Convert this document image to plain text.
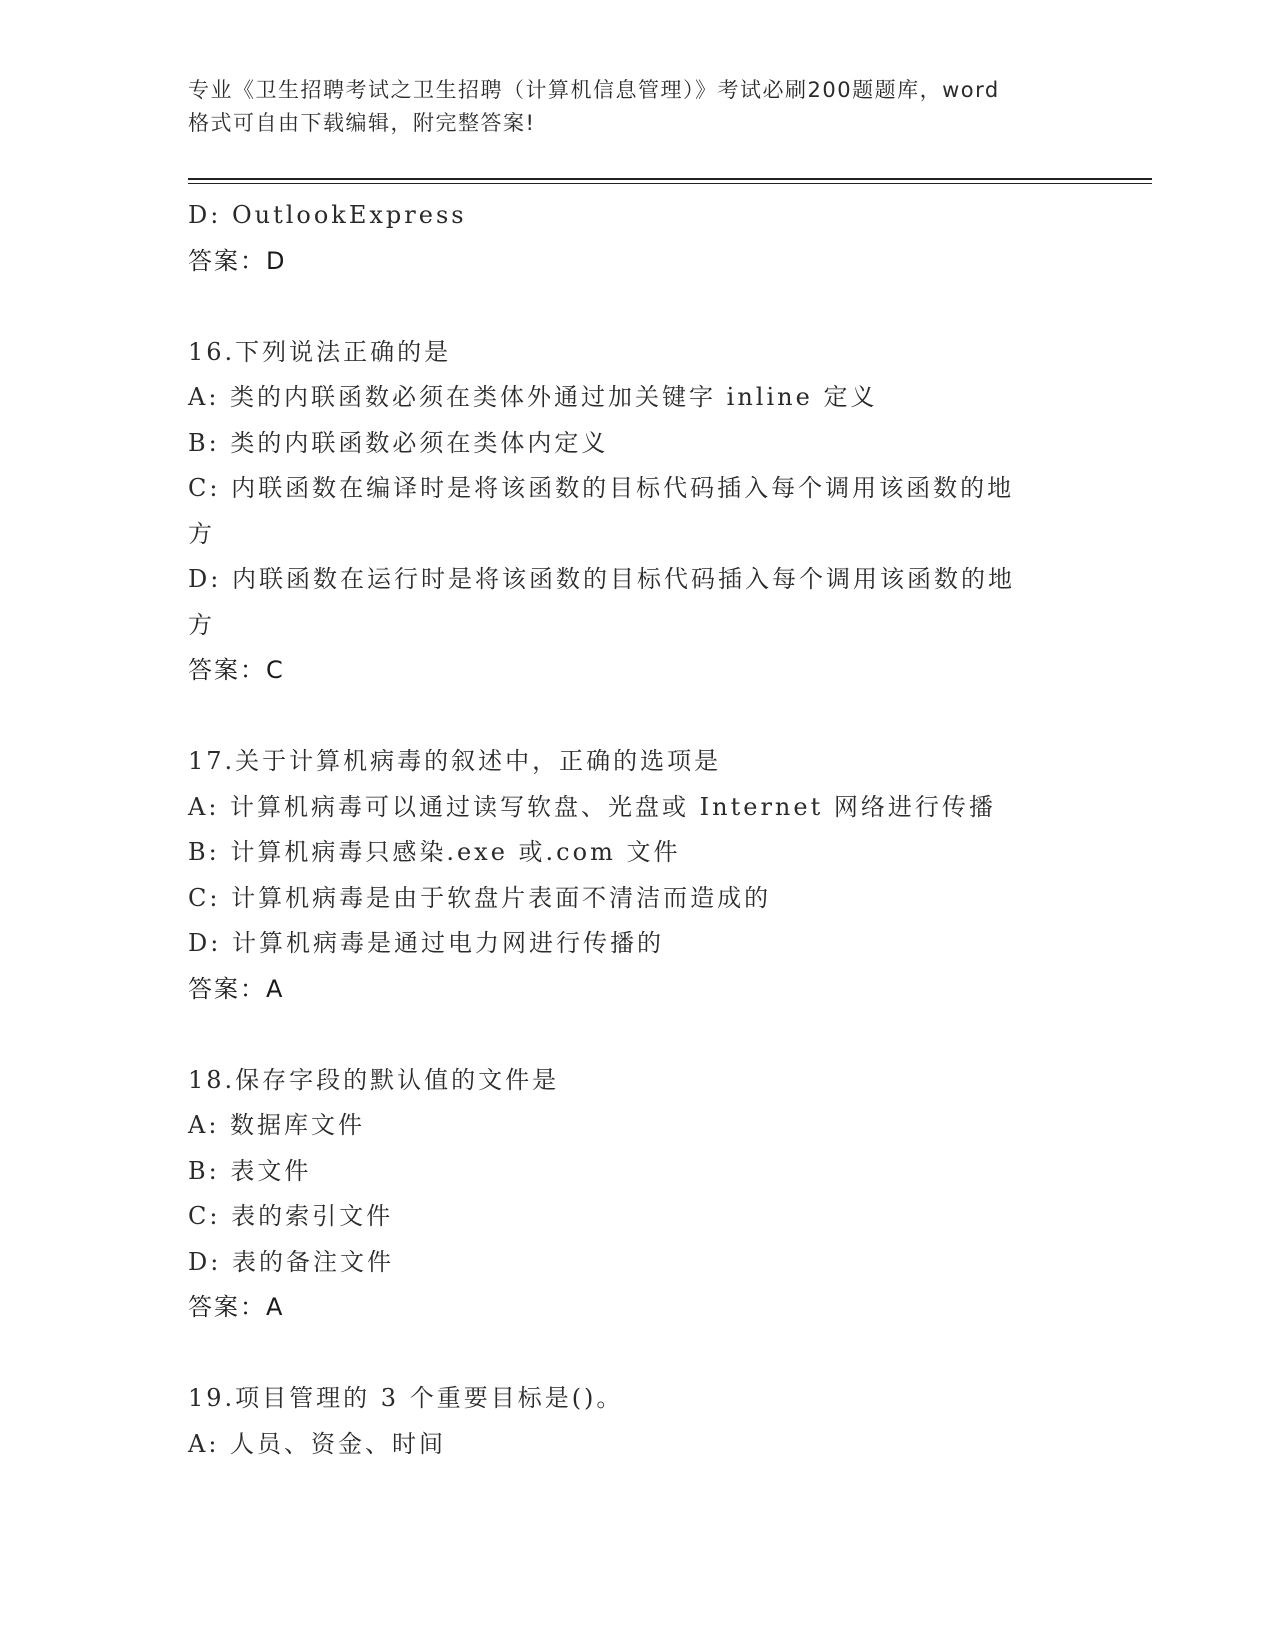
专业《卫生招聘考试之卫生招聘（计算机信息管理）》考试必刷200题题库，word
格式可自由下载编辑，附完整答案!
D: OutlookExpress
答案：D
16.下列说法正确的是
A: 类的内联函数必须在类体外通过加关键字 inline 定义
B: 类的内联函数必须在类体内定义
C: 内联函数在编译时是将该函数的目标代码插入每个调用该函数的地
方
D: 内联函数在运行时是将该函数的目标代码插入每个调用该函数的地
方
答案：C
17.关于计算机病毒的叙述中，正确的选项是
A: 计算机病毒可以通过读写软盘、光盘或 Internet 网络进行传播
B: 计算机病毒只感染.exe 或.com 文件
C: 计算机病毒是由于软盘片表面不清洁而造成的
D: 计算机病毒是通过电力网进行传播的
答案：A
18.保存字段的默认值的文件是
A: 数据库文件
B: 表文件
C: 表的索引文件
D: 表的备注文件
答案：A
19.项目管理的 3 个重要目标是()。
A: 人员、资金、时间
